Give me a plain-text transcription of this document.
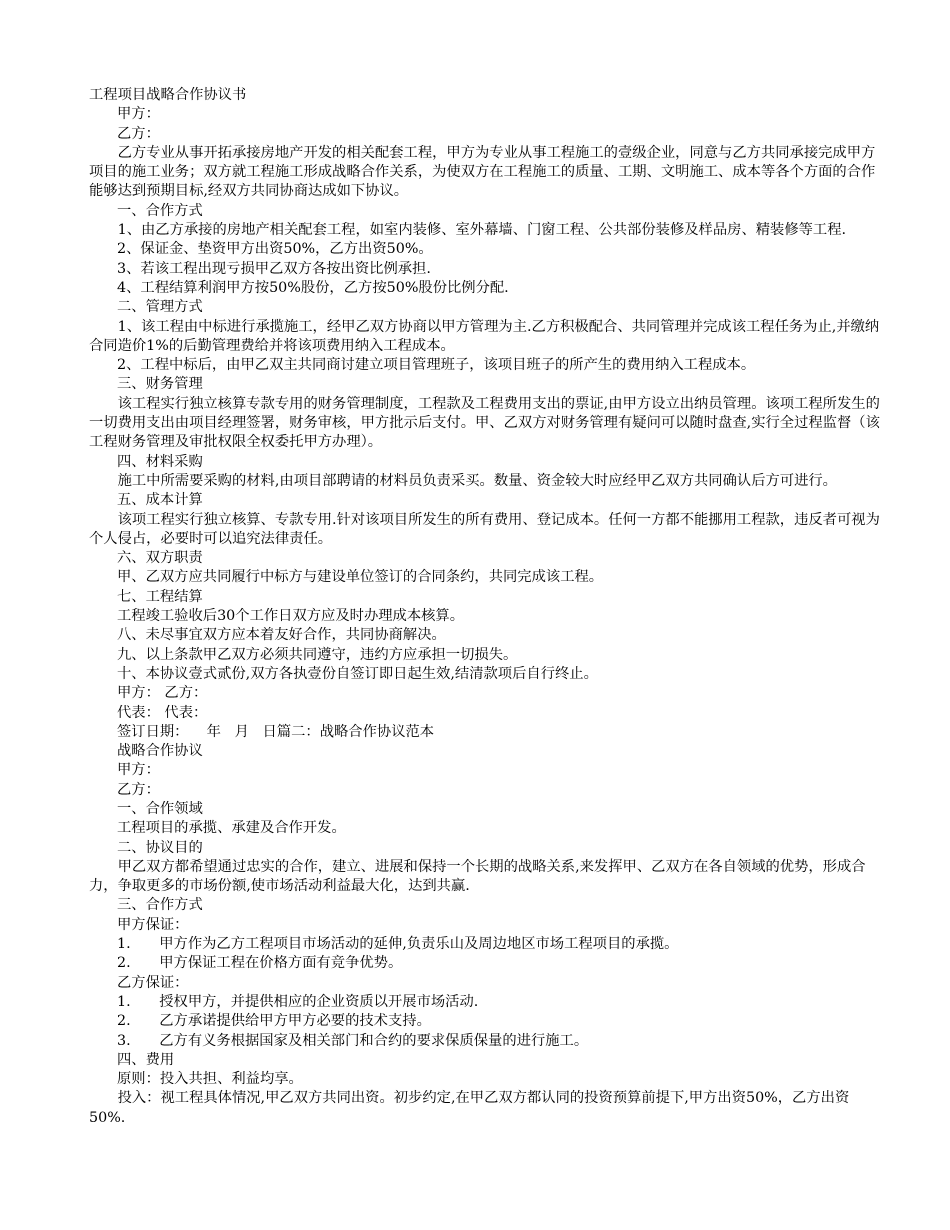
工程项目战略合作协议书
甲方：
乙方：
乙方专业从事开拓承接房地产开发的相关配套工程，甲方为专业从事工程施工的壹级企业，同意与乙方共同承接完成甲方项目的施工业务；双方就工程施工形成战略合作关系，为使双方在工程施工的质量、工期、文明施工、成本等各个方面的合作能够达到预期目标,经双方共同协商达成如下协议。
一、合作方式
1、由乙方承接的房地产相关配套工程，如室内装修、室外幕墙、门窗工程、公共部份装修及样品房、精装修等工程.
2、保证金、垫资甲方出资50%，乙方出资50%。
3、若该工程出现亏损甲乙双方各按出资比例承担.
4、工程结算利润甲方按50%股份，乙方按50%股份比例分配.
二、管理方式
1、该工程由中标进行承揽施工，经甲乙双方协商以甲方管理为主.乙方积极配合、共同管理并完成该工程任务为止,并缴纳合同造价1%的后勤管理费给并将该项费用纳入工程成本。
2、工程中标后，由甲乙双主共同商讨建立项目管理班子，该项目班子的所产生的费用纳入工程成本。
三、财务管理
该工程实行独立核算专款专用的财务管理制度，工程款及工程费用支出的票证,由甲方设立出纳员管理。该项工程所发生的一切费用支出由项目经理签署，财务审核，甲方批示后支付。甲、乙双方对财务管理有疑问可以随时盘查,实行全过程监督（该工程财务管理及审批权限全权委托甲方办理）。
四、材料采购
施工中所需要采购的材料,由项目部聘请的材料员负责采买。数量、资金较大时应经甲乙双方共同确认后方可进行。
五、成本计算
该项工程实行独立核算、专款专用.针对该项目所发生的所有费用、登记成本。任何一方都不能挪用工程款，违反者可视为个人侵占，必要时可以追究法律责任。
六、双方职责
甲、乙双方应共同履行中标方与建设单位签订的合同条约，共同完成该工程。
七、工程结算
工程竣工验收后30个工作日双方应及时办理成本核算。
八、未尽事宜双方应本着友好合作，共同协商解决。
九、以上条款甲乙双方必须共同遵守，违约方应承担一切损失。
十、本协议壹式贰份,双方各执壹份自签订即日起生效,结清款项后自行终止。
甲方： 乙方：
代表： 代表：
签订日期：    年   月   日篇二：战略合作协议范本
战略合作协议
甲方：
乙方：
一、合作领域
工程项目的承揽、承建及合作开发。
二、协议目的
甲乙双方都希望通过忠实的合作，建立、进展和保持一个长期的战略关系,来发挥甲、乙双方在各自领域的优势，形成合力，争取更多的市场份额,使市场活动利益最大化，达到共赢.
三、合作方式
甲方保证：
1.　　甲方作为乙方工程项目市场活动的延伸,负责乐山及周边地区市场工程项目的承揽。
2.　　甲方保证工程在价格方面有竞争优势。
乙方保证：
1.　　授权甲方，并提供相应的企业资质以开展市场活动.
2.　　乙方承诺提供给甲方甲方必要的技术支持。
3.　　乙方有义务根据国家及相关部门和合约的要求保质保量的进行施工。
四、费用
原则：投入共担、利益均享。
投入：视工程具体情况,甲乙双方共同出资。初步约定,在甲乙双方都认同的投资预算前提下,甲方出资50%，乙方出资50%.
